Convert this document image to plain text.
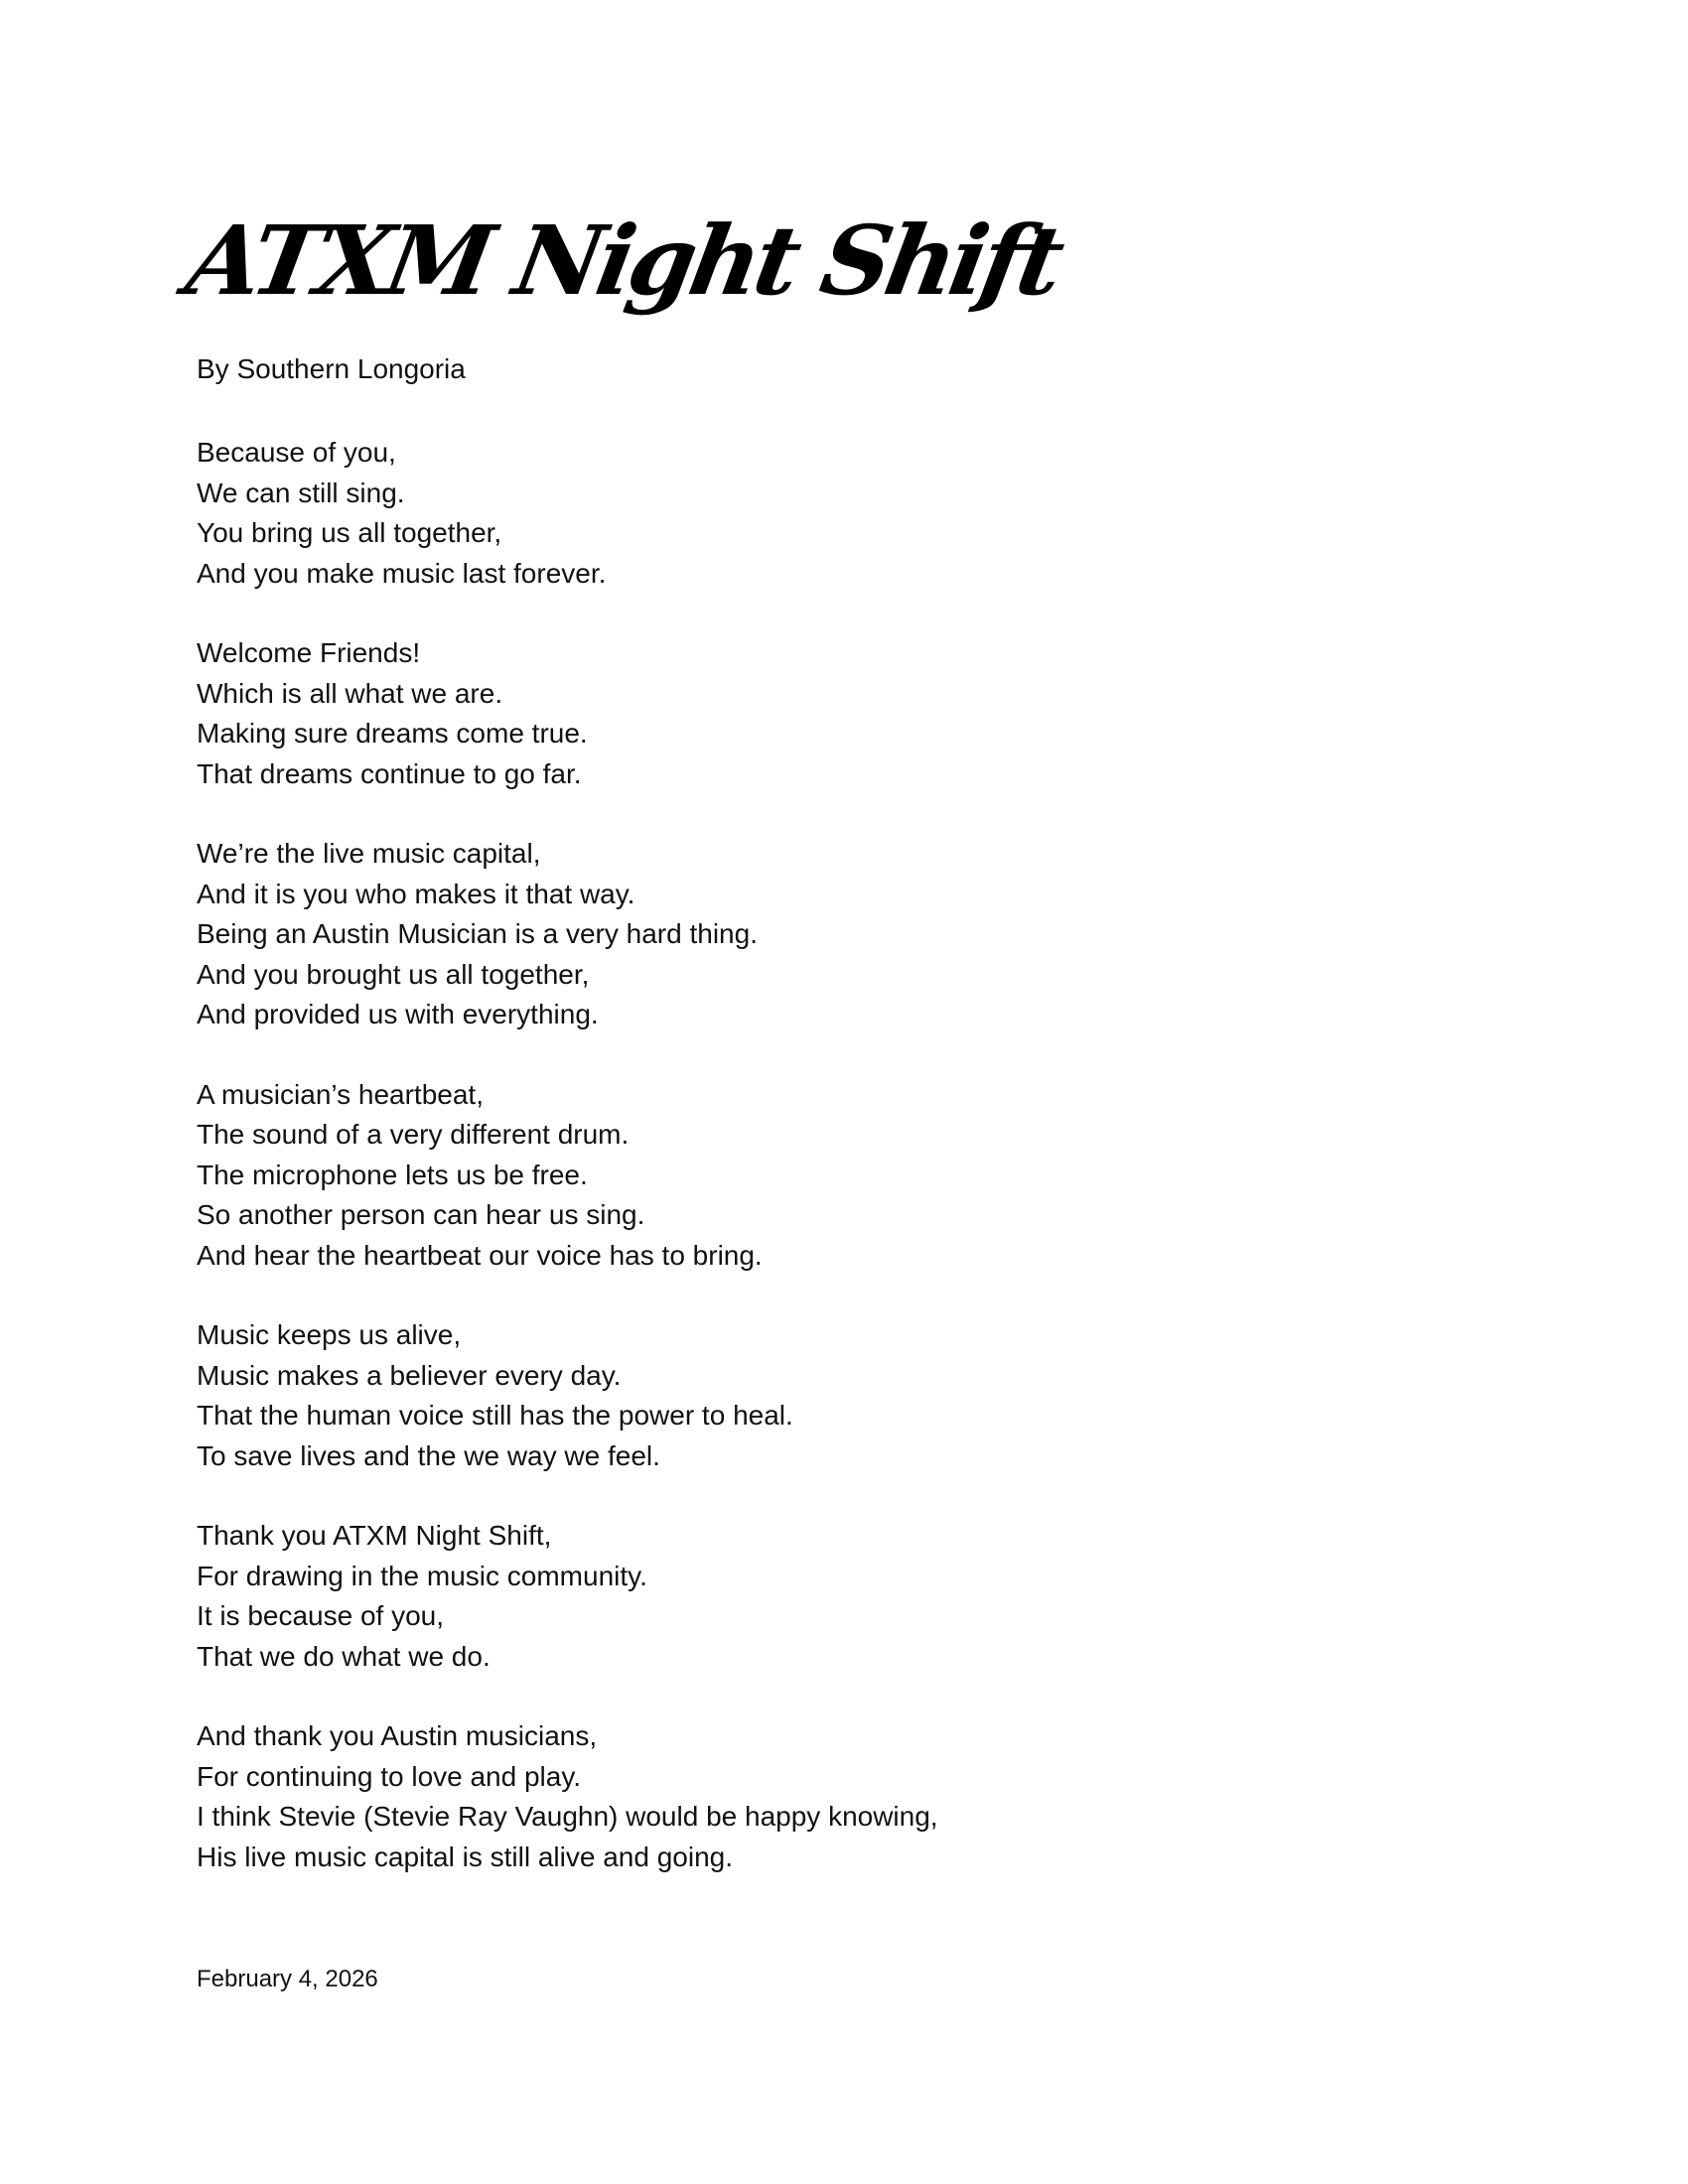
ATXM Night Shift
By Southern Longoria
Because of you,
We can still sing.
You bring us all together,
And you make music last forever.
Welcome Friends!
Which is all what we are.
Making sure dreams come true.
That dreams continue to go far.
We’re the live music capital,
And it is you who makes it that way.
Being an Austin Musician is a very hard thing.
And you brought us all together,
And provided us with everything.
A musician’s heartbeat,
The sound of a very different drum.
The microphone lets us be free.
So another person can hear us sing.
And hear the heartbeat our voice has to bring.
Music keeps us alive,
Music makes a believer every day.
That the human voice still has the power to heal.
To save lives and the we way we feel.
Thank you ATXM Night Shift,
For drawing in the music community.
It is because of you,
That we do what we do.
And thank you Austin musicians,
For continuing to love and play.
I think Stevie (Stevie Ray Vaughn) would be happy knowing,
His live music capital is still alive and going.
February 4, 2026
